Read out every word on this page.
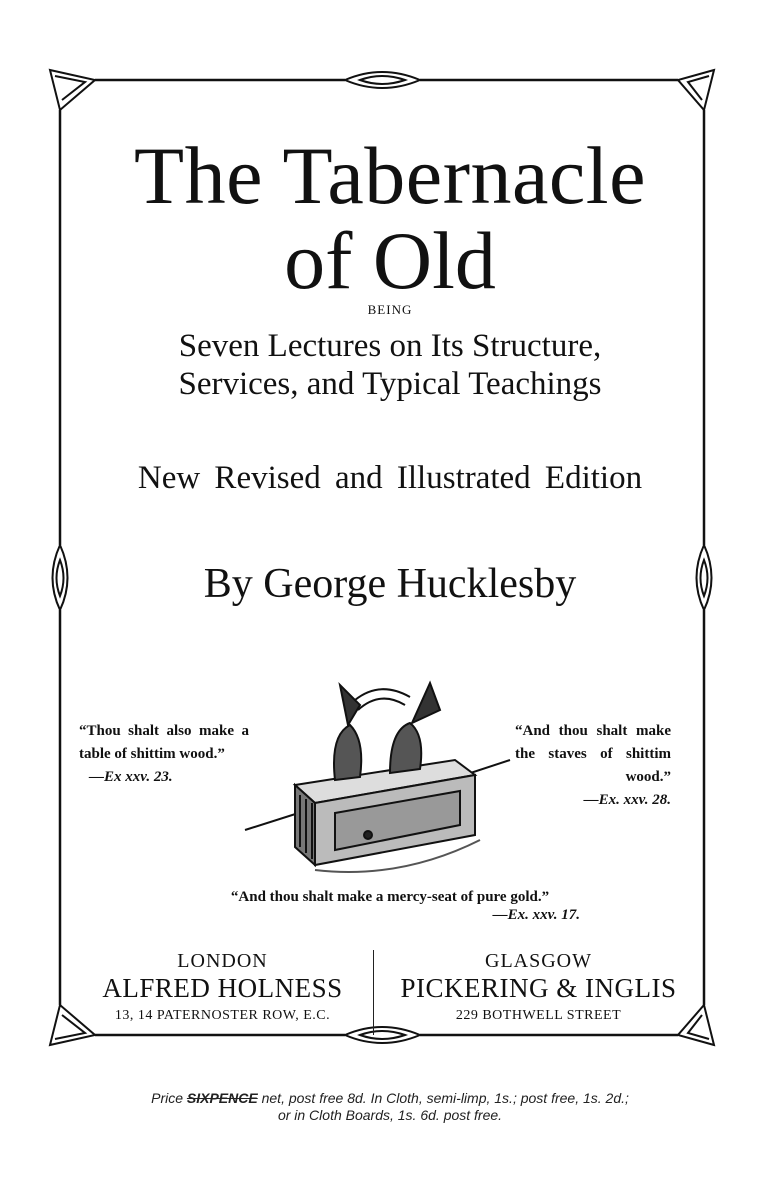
The Tabernacle
of Old
BEING
Seven Lectures on Its Structure,
Services, and Typical Teachings
New Revised and Illustrated Edition
By George Hucklesby
“Thou shalt also make a table of shittim wood.”
—Ex xxv. 23.
“And thou shalt make the staves of shittim wood.”
—Ex. xxv. 28.
“And thou shalt make a mercy-seat of pure gold.”
—Ex. xxv. 17.
LONDON
ALFRED HOLNESS
13, 14 PATERNOSTER ROW, E.C.
GLASGOW
PICKERING & INGLIS
229 BOTHWELL STREET
Price SIXPENCE net, post free 8d. In Cloth, semi-limp, 1s.; post free, 1s. 2d.;
or in Cloth Boards, 1s. 6d. post free.
